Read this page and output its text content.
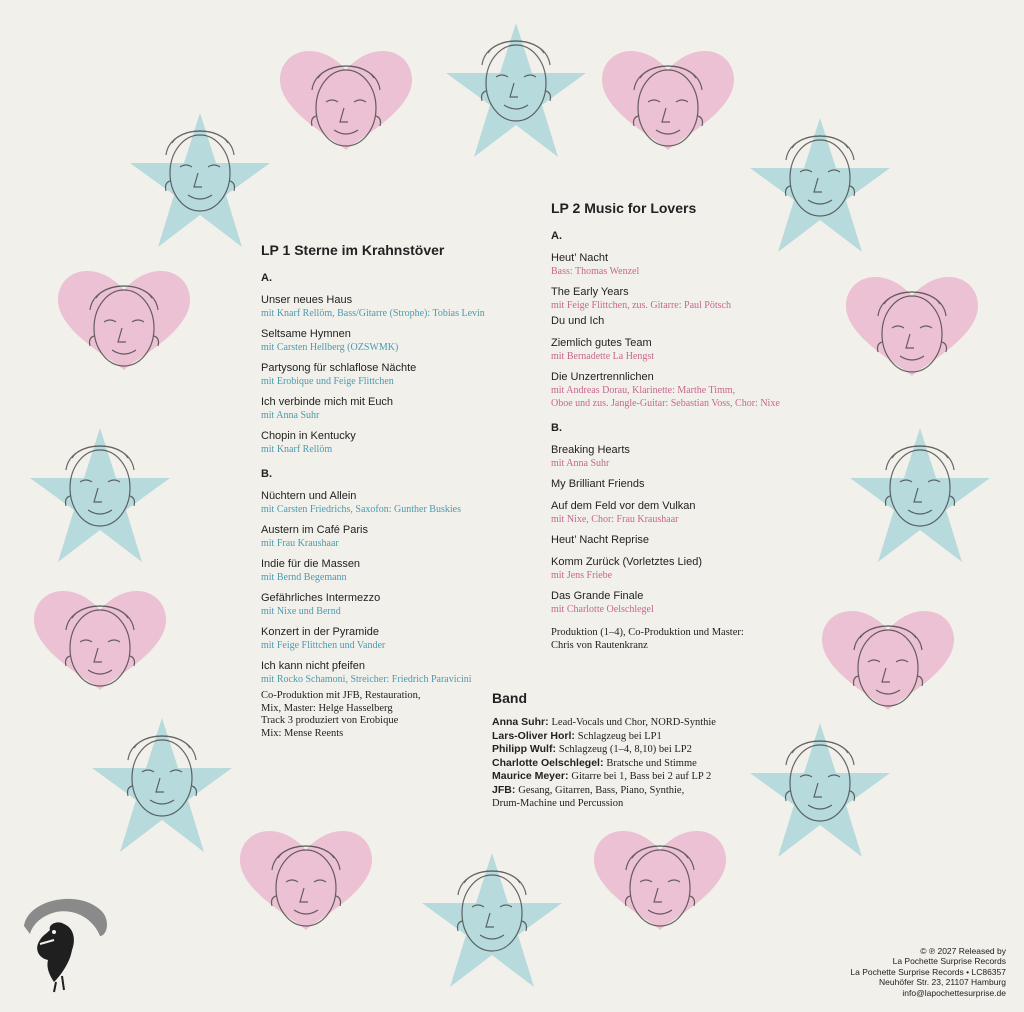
LP 1 Sterne im Krahnstöver
A.
Unser neues Haus
mit Knarf Rellöm, Bass/Gitarre (Strophe): Tobias Levin
Seltsame Hymnen
mit Carsten Hellberg (OZSWMK)
Partysong für schlaflose Nächte
mit Erobique und Feige Flittchen
Ich verbinde mich mit Euch
mit Anna Suhr
Chopin in Kentucky
mit Knarf Rellöm
B.
Nüchtern und Allein
mit Carsten Friedrichs, Saxofon: Gunther Buskies
Austern im Café Paris
mit Frau Kraushaar
Indie für die Massen
mit Bernd Begemann
Gefährliches Intermezzo
mit Nixe und Bernd
Konzert in der Pyramide
mit Feige Flittchen und Vander
Ich kann nicht pfeifen
mit Rocko Schamoni, Streicher: Friedrich Paravicini
Co-Produktion mit JFB, Restauration,
Mix, Master: Helge Hasselberg
Track 3 produziert von Erobique
Mix: Mense Reents
LP 2 Music for Lovers
A.
Heut’ Nacht
Bass: Thomas Wenzel
The Early Years
mit Feige Flittchen, zus. Gitarre: Paul Pötsch
Du und Ich
Ziemlich gutes Team
mit Bernadette La Hengst
Die Unzertrennlichen
mit Andreas Dorau, Klarinette: Marthe Timm,
Oboe und zus. Jangle-Guitar: Sebastian Voss, Chor: Nixe
B.
Breaking Hearts
mit Anna Suhr
My Brilliant Friends
Auf dem Feld vor dem Vulkan
mit Nixe, Chor: Frau Kraushaar
Heut’ Nacht Reprise
Komm Zurück (Vorletztes Lied)
mit Jens Friebe
Das Grande Finale
mit Charlotte Oelschlegel
Produktion (1–4), Co-Produktion und Master:
Chris von Rautenkranz
Band
Anna Suhr: Lead-Vocals und Chor, NORD-Synthie
Lars-Oliver Horl: Schlagzeug bei LP1
Philipp Wulf: Schlagzeug (1–4, 8,10) bei LP2
Charlotte Oelschlegel: Bratsche und Stimme
Maurice Meyer: Gitarre bei 1, Bass bei 2 auf LP 2
JFB: Gesang, Gitarren, Bass, Piano, Synthie,
Drum-Machine und Percussion
© ℗ 2027 Released by
La Pochette Surprise Records
La Pochette Surprise Records • LC86357
Neuhöfer Str. 23, 21107 Hamburg
info@lapochettesurprise.de
